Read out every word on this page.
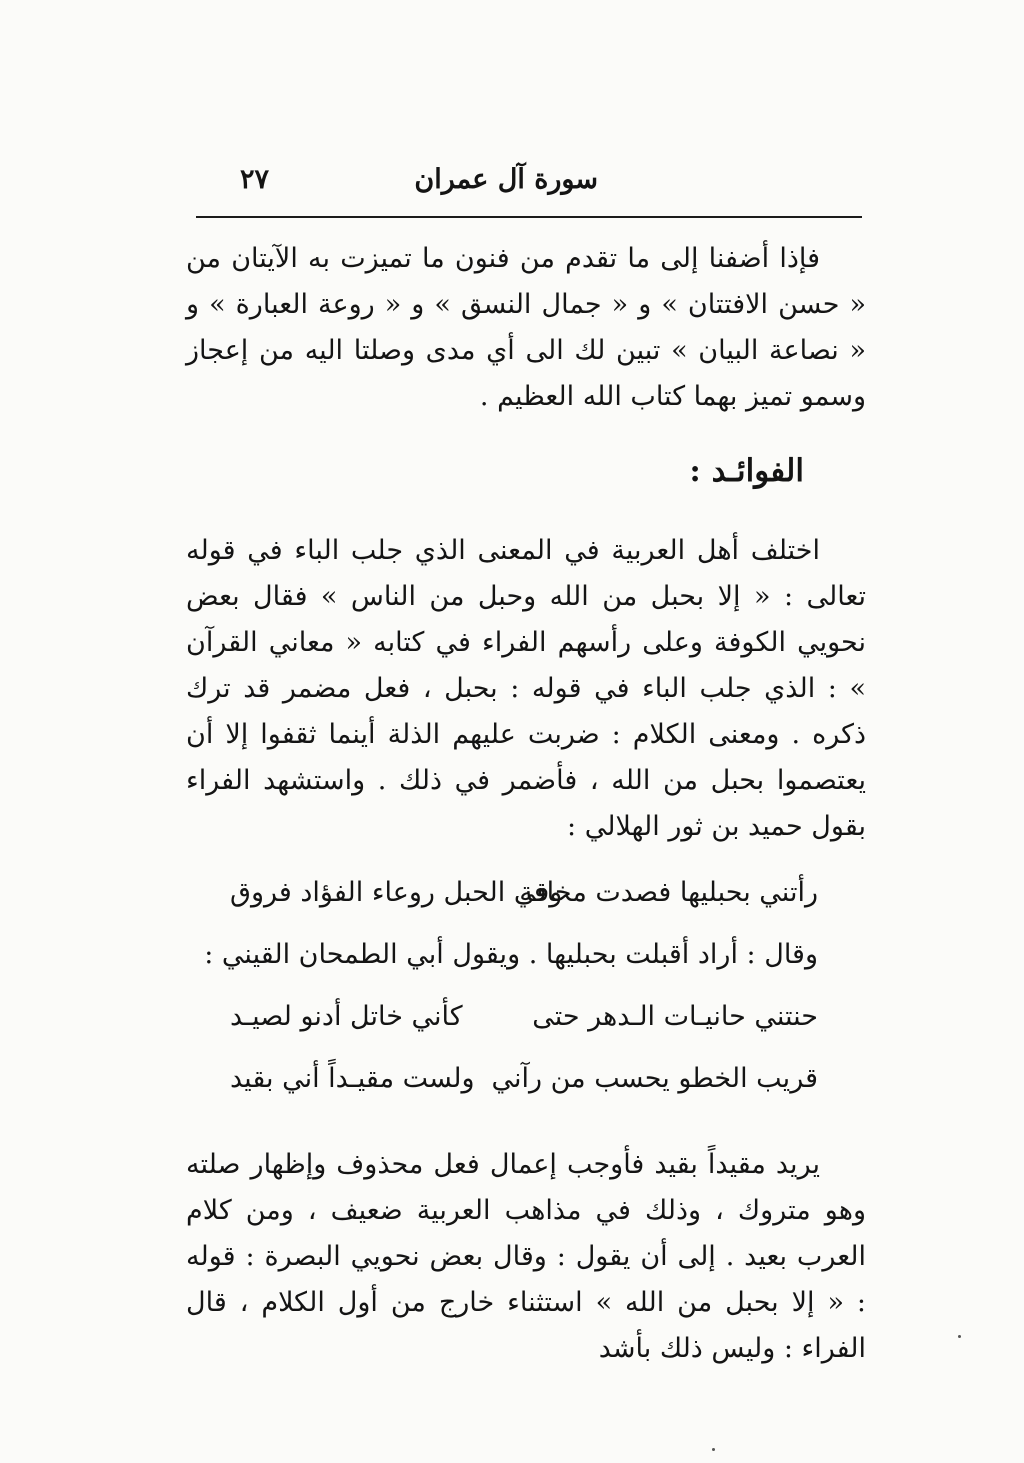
سورة آل عمران
٢٧

فإذا أضفنا إلى ما تقدم من فنون ما تميزت به الآيتان من « حسن الافتتان » و « جمال النسق » و « روعة العبارة » و « نصاعة البيان » تبين لك الى أي مدى وصلتا اليه من إعجاز وسمو تميز بهما كتاب الله العظيم .

الفوائـد :

اختلف أهل العربية في المعنى الذي جلب الباء في قوله تعالى : « إلا بحبل من الله وحبل من الناس » فقال بعض نحويي الكوفة وعلى رأسهم الفراء في كتابه « معاني القرآن » : الذي جلب الباء في قوله : بحبل ، فعل مضمر قد ترك ذكره . ومعنى الكلام : ضربت عليهم الذلة أينما ثقفوا إلا أن يعتصموا بحبل من الله ، فأضمر في ذلك . واستشهد الفراء بقول حميد بن ثور الهلالي :

رأتني بحبليها فصدت مخافة
وفي الحبل روعاء الفؤاد فروق
وقال : أراد أقبلت بحبليها . ويقول أبي الطمحان القيني :
حنتني حانيـات الـدهر حتى
كأني خاتل أدنو لصيـد
قريب الخطو يحسب من رآني
ولست مقيـداً أني بقيد

يريد مقيداً بقيد فأوجب إعمال فعل محذوف وإظهار صلته وهو متروك ، وذلك في مذاهب العربية ضعيف ، ومن كلام العرب بعيد . إلى أن يقول : وقال بعض نحويي البصرة : قوله : « إلا بحبل من الله » استثناء خارج من أول الكلام ، قال الفراء : وليس ذلك بأشد
